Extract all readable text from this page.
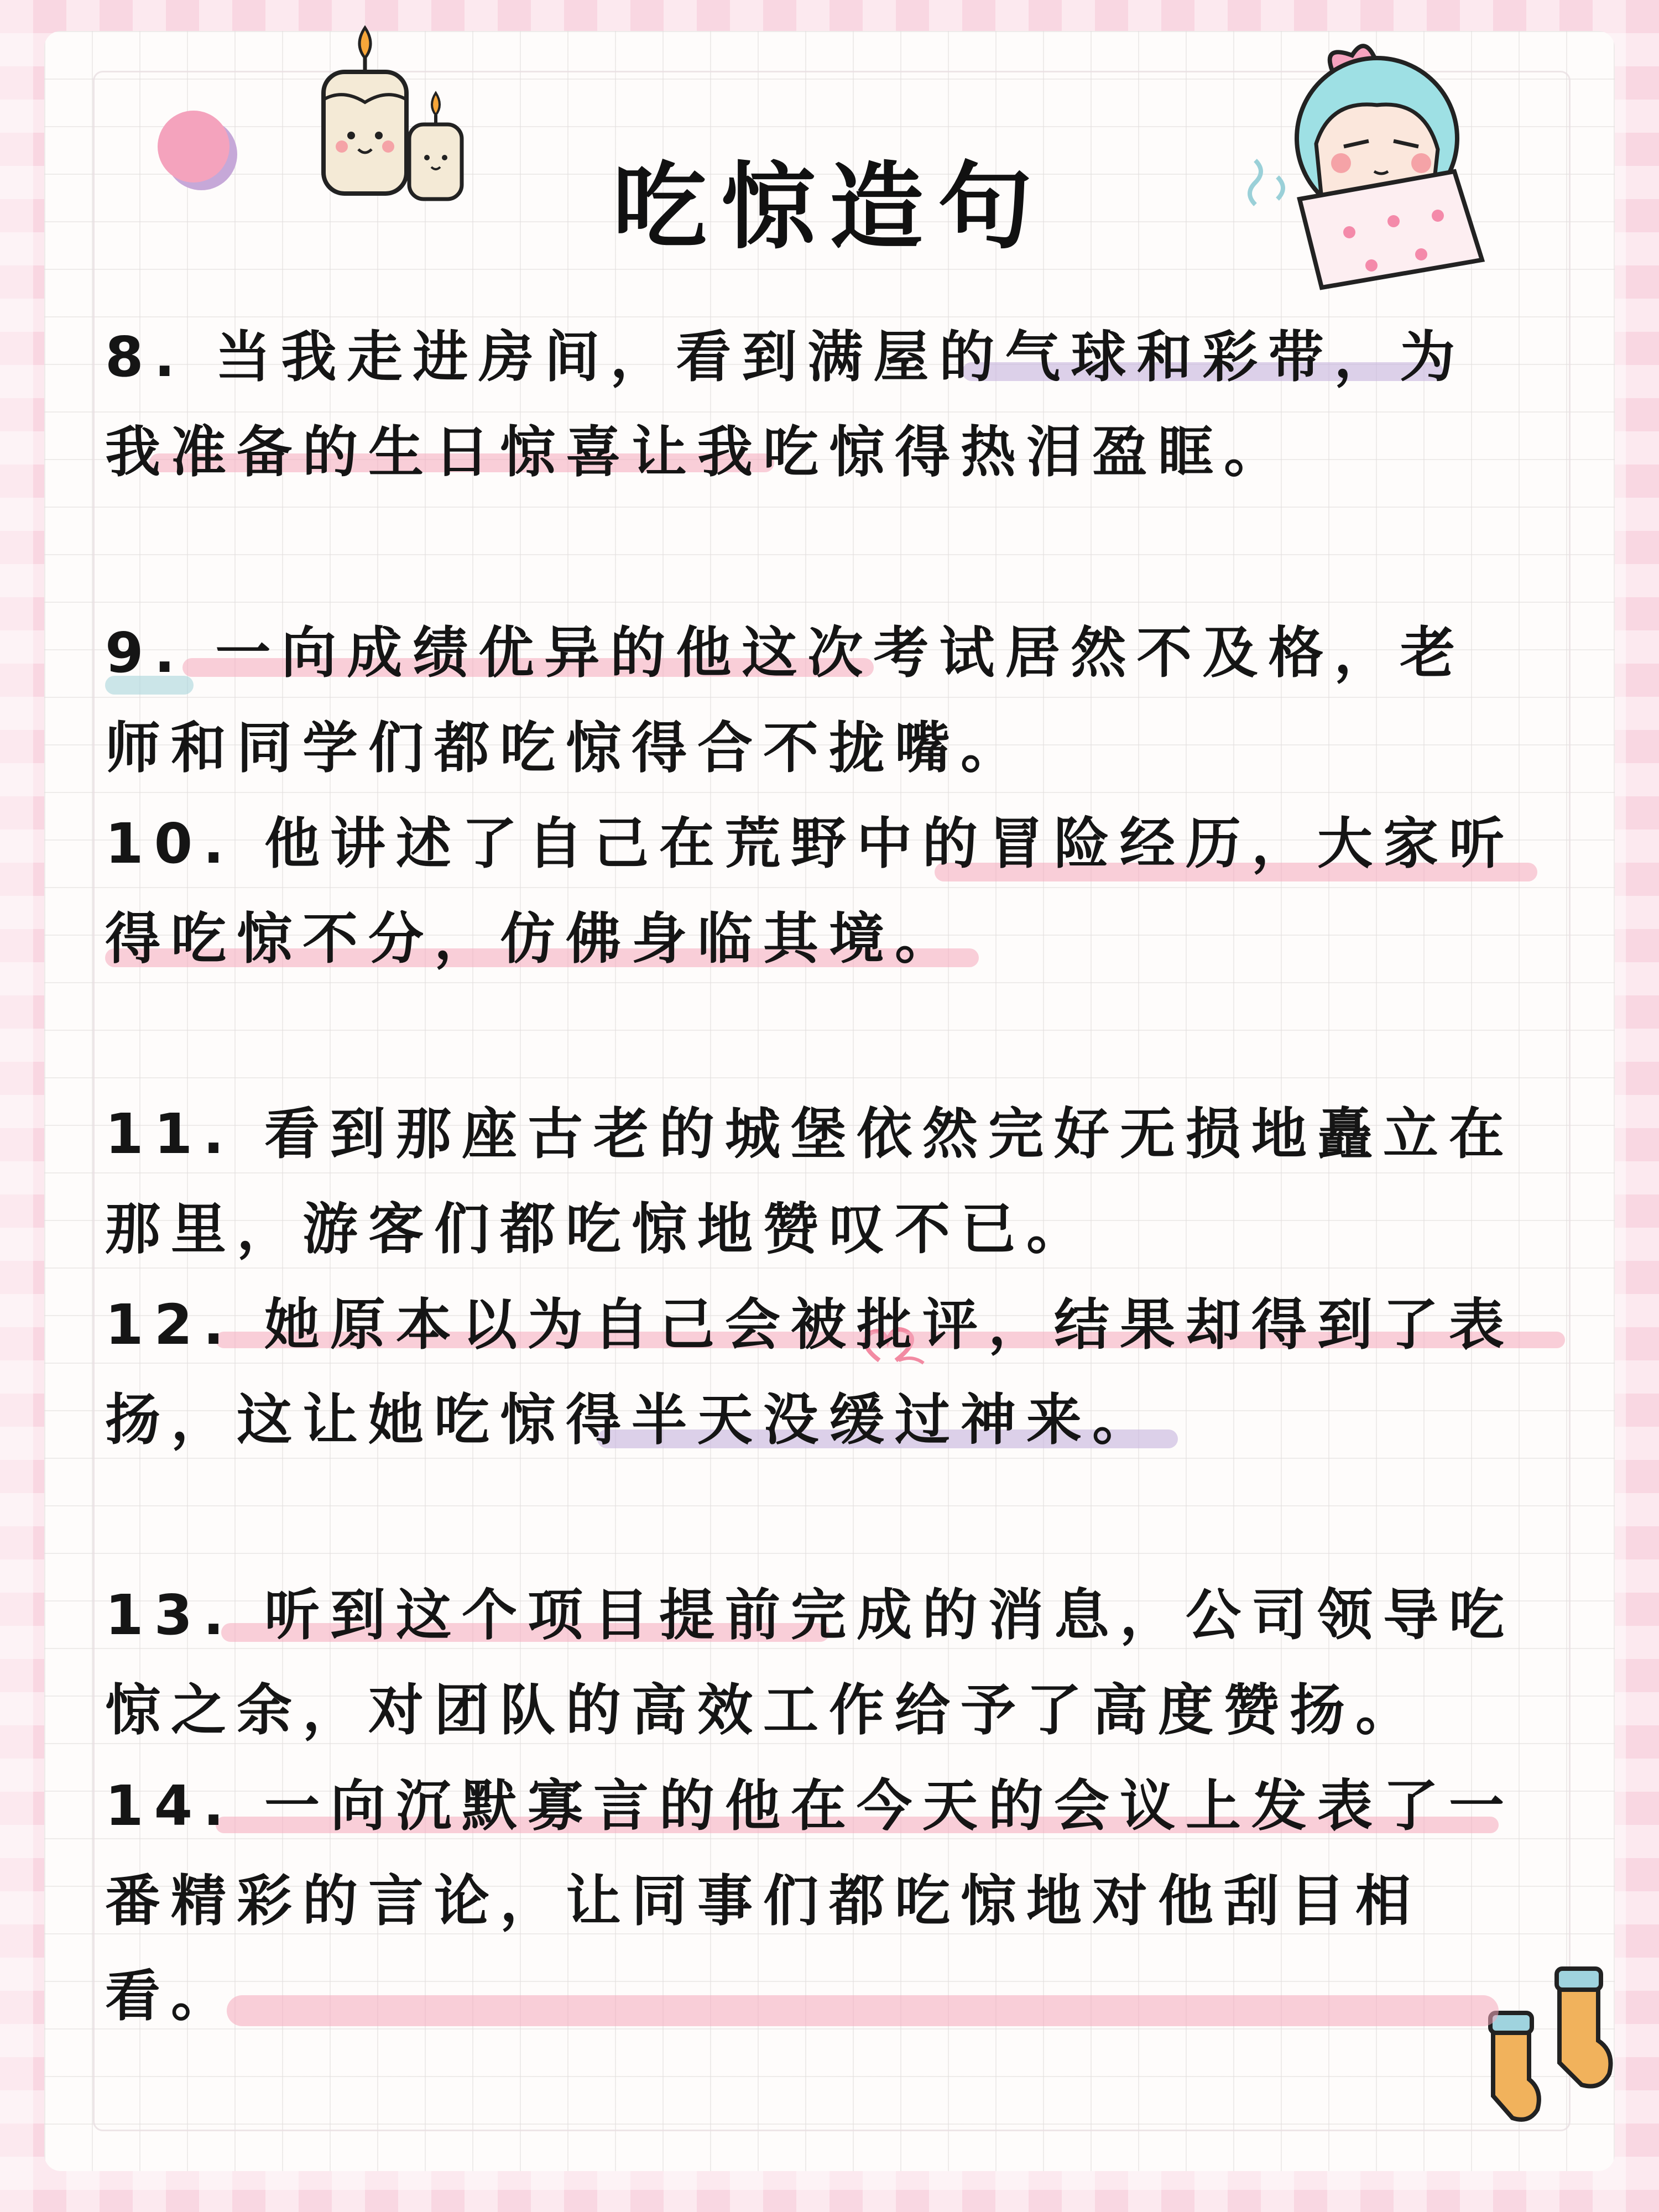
吃惊造句
8. 当我走进房间，看到满屋的气球和彩带，为
我准备的生日惊喜让我吃惊得热泪盈眶。
9. 一向成绩优异的他这次考试居然不及格，老
师和同学们都吃惊得合不拢嘴。
10. 他讲述了自己在荒野中的冒险经历，大家听
得吃惊不分，仿佛身临其境。
11. 看到那座古老的城堡依然完好无损地矗立在
那里，游客们都吃惊地赞叹不已。
12. 她原本以为自己会被批评，结果却得到了表
扬，这让她吃惊得半天没缓过神来。
13. 听到这个项目提前完成的消息，公司领导吃
惊之余，对团队的高效工作给予了高度赞扬。
14. 一向沉默寡言的他在今天的会议上发表了一
番精彩的言论，让同事们都吃惊地对他刮目相
看。
